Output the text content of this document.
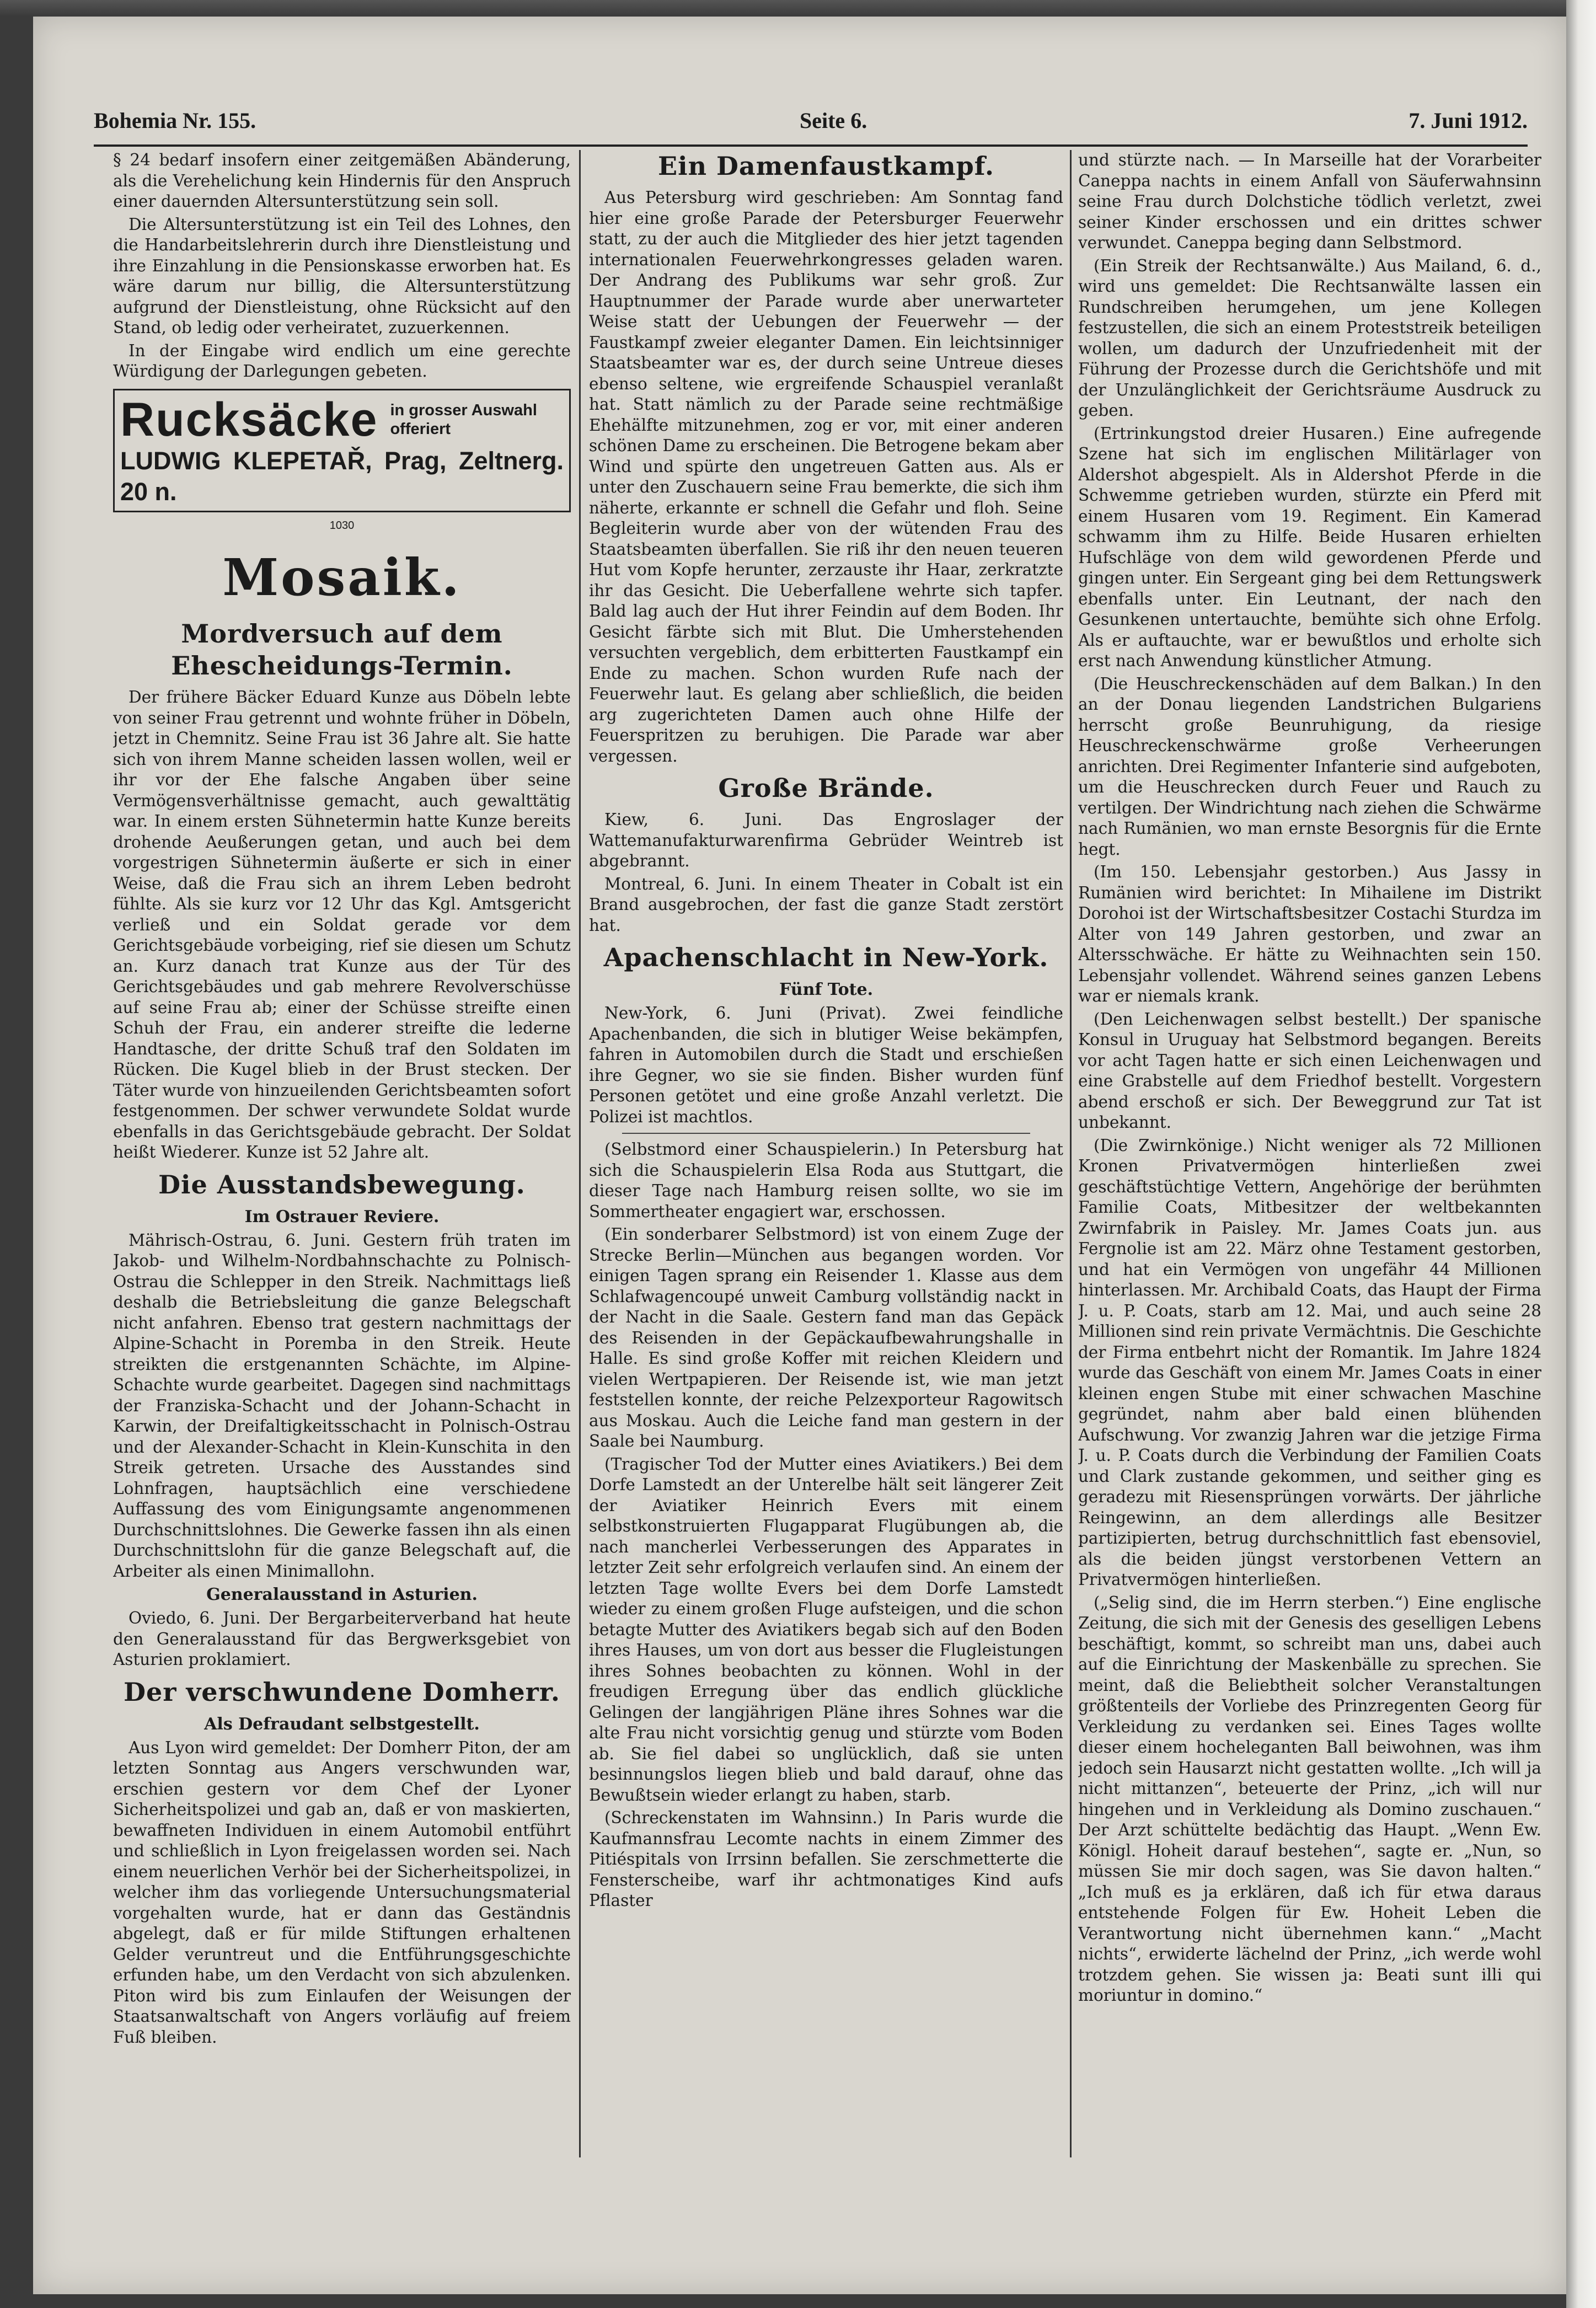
Bohemia Nr. 155.	Seite 6.	7. Juni 1912.

§ 24 bedarf insofern einer zeitgemäßen Abänderung, als die Verehelichung kein Hindernis für den Anspruch einer dauernden Altersunterstützung sein soll.

Die Altersunterstützung ist ein Teil des Lohnes, den die Handarbeitslehrerin durch ihre Dienstleistung und ihre Einzahlung in die Pensionskasse erworben hat. Es wäre darum nur billig, die Altersunterstützung aufgrund der Dienstleistung, ohne Rücksicht auf den Stand, ob ledig oder verheiratet, zuzuerkennen.

In der Eingabe wird endlich um eine gerechte Würdigung der Darlegungen gebeten.

Rucksäcke in grosser Auswahl offeriert
LUDWIG KLEPETAŘ, Prag, Zeltnerg. 20 n.
1030
Mosaik.
Mordversuch auf dem Ehescheidungs-Termin.

Der frühere Bäcker Eduard Kunze aus Döbeln lebte von seiner Frau getrennt und wohnte früher in Döbeln, jetzt in Chemnitz. Seine Frau ist 36 Jahre alt. Sie hatte sich von ihrem Manne scheiden lassen wollen, weil er ihr vor der Ehe falsche Angaben über seine Vermögensverhältnisse gemacht, auch gewalttätig war. In einem ersten Sühnetermin hatte Kunze bereits drohende Aeußerungen getan, und auch bei dem vorgestrigen Sühnetermin äußerte er sich in einer Weise, daß die Frau sich an ihrem Leben bedroht fühlte. Als sie kurz vor 12 Uhr das Kgl. Amtsgericht verließ und ein Soldat gerade vor dem Gerichtsgebäude vorbeiging, rief sie diesen um Schutz an. Kurz danach trat Kunze aus der Tür des Gerichtsgebäudes und gab mehrere Revolverschüsse auf seine Frau ab; einer der Schüsse streifte einen Schuh der Frau, ein anderer streifte die lederne Handtasche, der dritte Schuß traf den Soldaten im Rücken. Die Kugel blieb in der Brust stecken. Der Täter wurde von hinzueilenden Gerichtsbeamten sofort festgenommen. Der schwer verwundete Soldat wurde ebenfalls in das Gerichtsgebäude gebracht. Der Soldat heißt Wiederer. Kunze ist 52 Jahre alt.

Die Ausstandsbewegung.
Im Ostrauer Reviere.

Mährisch-Ostrau, 6. Juni. Gestern früh traten im Jakob- und Wilhelm-Nordbahnschachte zu Polnisch-Ostrau die Schlepper in den Streik. Nachmittags ließ deshalb die Betriebsleitung die ganze Belegschaft nicht anfahren. Ebenso trat gestern nachmittags der Alpine-Schacht in Poremba in den Streik. Heute streikten die erstgenannten Schächte, im Alpine-Schachte wurde gearbeitet. Dagegen sind nachmittags der Franziska-Schacht und der Johann-Schacht in Karwin, der Dreifaltigkeitsschacht in Polnisch-Ostrau und der Alexander-Schacht in Klein-Kunschita in den Streik getreten. Ursache des Ausstandes sind Lohnfragen, hauptsächlich eine verschiedene Auffassung des vom Einigungsamte angenommenen Durchschnittslohnes. Die Gewerke fassen ihn als einen Durchschnittslohn für die ganze Belegschaft auf, die Arbeiter als einen Minimallohn.

Generalausstand in Asturien.

Oviedo, 6. Juni. Der Bergarbeiterverband hat heute den Generalausstand für das Bergwerksgebiet von Asturien proklamiert.

Der verschwundene Domherr.
Als Defraudant selbstgestellt.

Aus Lyon wird gemeldet: Der Domherr Piton, der am letzten Sonntag aus Angers verschwunden war, erschien gestern vor dem Chef der Lyoner Sicherheitspolizei und gab an, daß er von maskierten, bewaffneten Individuen in einem Automobil entführt und schließlich in Lyon freigelassen worden sei. Nach einem neuerlichen Verhör bei der Sicherheitspolizei, in welcher ihm das vorliegende Untersuchungsmaterial vorgehalten wurde, hat er dann das Geständnis abgelegt, daß er für milde Stiftungen erhaltenen Gelder veruntreut und die Entführungsgeschichte erfunden habe, um den Verdacht von sich abzulenken. Piton wird bis zum Einlaufen der Weisungen der Staatsanwaltschaft von Angers vorläufig auf freiem Fuß bleiben.

Ein Damenfaustkampf.

Aus Petersburg wird geschrieben: Am Sonntag fand hier eine große Parade der Petersburger Feuerwehr statt, zu der auch die Mitglieder des hier jetzt tagenden internationalen Feuerwehrkongresses geladen waren. Der Andrang des Publikums war sehr groß. Zur Hauptnummer der Parade wurde aber unerwarteter Weise statt der Uebungen der Feuerwehr — der Faustkampf zweier eleganter Damen. Ein leichtsinniger Staatsbeamter war es, der durch seine Untreue dieses ebenso seltene, wie ergreifende Schauspiel veranlaßt hat. Statt nämlich zu der Parade seine rechtmäßige Ehehälfte mitzunehmen, zog er vor, mit einer anderen schönen Dame zu erscheinen. Die Betrogene bekam aber Wind und spürte den ungetreuen Gatten aus. Als er unter den Zuschauern seine Frau bemerkte, die sich ihm näherte, erkannte er schnell die Gefahr und floh. Seine Begleiterin wurde aber von der wütenden Frau des Staatsbeamten überfallen. Sie riß ihr den neuen teueren Hut vom Kopfe herunter, zerzauste ihr Haar, zerkratzte ihr das Gesicht. Die Ueberfallene wehrte sich tapfer. Bald lag auch der Hut ihrer Feindin auf dem Boden. Ihr Gesicht färbte sich mit Blut. Die Umherstehenden versuchten vergeblich, dem erbitterten Faustkampf ein Ende zu machen. Schon wurden Rufe nach der Feuerwehr laut. Es gelang aber schließlich, die beiden arg zugerichteten Damen auch ohne Hilfe der Feuerspritzen zu beruhigen. Die Parade war aber vergessen.

Große Brände.

Kiew, 6. Juni. Das Engroslager der Wattemanufakturwarenfirma Gebrüder Weintreb ist abgebrannt.

Montreal, 6. Juni. In einem Theater in Cobalt ist ein Brand ausgebrochen, der fast die ganze Stadt zerstört hat.

Apachenschlacht in New-York.
Fünf Tote.

New-York, 6. Juni (Privat). Zwei feindliche Apachenbanden, die sich in blutiger Weise bekämpfen, fahren in Automobilen durch die Stadt und erschießen ihre Gegner, wo sie sie finden. Bisher wurden fünf Personen getötet und eine große Anzahl verletzt. Die Polizei ist machtlos.

(Selbstmord einer Schauspielerin.) In Petersburg hat sich die Schauspielerin Elsa Roda aus Stuttgart, die dieser Tage nach Hamburg reisen sollte, wo sie im Sommertheater engagiert war, erschossen.

(Ein sonderbarer Selbstmord) ist von einem Zuge der Strecke Berlin—München aus begangen worden. Vor einigen Tagen sprang ein Reisender 1. Klasse aus dem Schlafwagencoupé unweit Camburg vollständig nackt in der Nacht in die Saale. Gestern fand man das Gepäck des Reisenden in der Gepäckaufbewahrungshalle in Halle. Es sind große Koffer mit reichen Kleidern und vielen Wertpapieren. Der Reisende ist, wie man jetzt feststellen konnte, der reiche Pelzexporteur Ragowitsch aus Moskau. Auch die Leiche fand man gestern in der Saale bei Naumburg.

(Tragischer Tod der Mutter eines Aviatikers.) Bei dem Dorfe Lamstedt an der Unterelbe hält seit längerer Zeit der Aviatiker Heinrich Evers mit einem selbstkonstruierten Flugapparat Flugübungen ab, die nach mancherlei Verbesserungen des Apparates in letzter Zeit sehr erfolgreich verlaufen sind. An einem der letzten Tage wollte Evers bei dem Dorfe Lamstedt wieder zu einem großen Fluge aufsteigen, und die schon betagte Mutter des Aviatikers begab sich auf den Boden ihres Hauses, um von dort aus besser die Flugleistungen ihres Sohnes beobachten zu können. Wohl in der freudigen Erregung über das endlich glückliche Gelingen der langjährigen Pläne ihres Sohnes war die alte Frau nicht vorsichtig genug und stürzte vom Boden ab. Sie fiel dabei so unglücklich, daß sie unten besinnungslos liegen blieb und bald darauf, ohne das Bewußtsein wieder erlangt zu haben, starb.

(Schreckenstaten im Wahnsinn.) In Paris wurde die Kaufmannsfrau Lecomte nachts in einem Zimmer des Pitiéspitals von Irrsinn befallen. Sie zerschmetterte die Fensterscheibe, warf ihr achtmonatiges Kind aufs Pflaster

und stürzte nach. — In Marseille hat der Vorarbeiter Caneppa nachts in einem Anfall von Säuferwahnsinn seine Frau durch Dolchstiche tödlich verletzt, zwei seiner Kinder erschossen und ein drittes schwer verwundet. Caneppa beging dann Selbstmord.

(Ein Streik der Rechtsanwälte.) Aus Mailand, 6. d., wird uns gemeldet: Die Rechtsanwälte lassen ein Rundschreiben herumgehen, um jene Kollegen festzustellen, die sich an einem Proteststreik beteiligen wollen, um dadurch der Unzufriedenheit mit der Führung der Prozesse durch die Gerichtshöfe und mit der Unzulänglichkeit der Gerichtsräume Ausdruck zu geben.

(Ertrinkungstod dreier Husaren.) Eine aufregende Szene hat sich im englischen Militärlager von Aldershot abgespielt. Als in Aldershot Pferde in die Schwemme getrieben wurden, stürzte ein Pferd mit einem Husaren vom 19. Regiment. Ein Kamerad schwamm ihm zu Hilfe. Beide Husaren erhielten Hufschläge von dem wild gewordenen Pferde und gingen unter. Ein Sergeant ging bei dem Rettungswerk ebenfalls unter. Ein Leutnant, der nach den Gesunkenen untertauchte, bemühte sich ohne Erfolg. Als er auftauchte, war er bewußtlos und erholte sich erst nach Anwendung künstlicher Atmung.

(Die Heuschreckenschäden auf dem Balkan.) In den an der Donau liegenden Landstrichen Bulgariens herrscht große Beunruhigung, da riesige Heuschreckenschwärme große Verheerungen anrichten. Drei Regimenter Infanterie sind aufgeboten, um die Heuschrecken durch Feuer und Rauch zu vertilgen. Der Windrichtung nach ziehen die Schwärme nach Rumänien, wo man ernste Besorgnis für die Ernte hegt.

(Im 150. Lebensjahr gestorben.) Aus Jassy in Rumänien wird berichtet: In Mihailene im Distrikt Dorohoi ist der Wirtschaftsbesitzer Costachi Sturdza im Alter von 149 Jahren gestorben, und zwar an Altersschwäche. Er hätte zu Weihnachten sein 150. Lebensjahr vollendet. Während seines ganzen Lebens war er niemals krank.

(Den Leichenwagen selbst bestellt.) Der spanische Konsul in Uruguay hat Selbstmord begangen. Bereits vor acht Tagen hatte er sich einen Leichenwagen und eine Grabstelle auf dem Friedhof bestellt. Vorgestern abend erschoß er sich. Der Beweggrund zur Tat ist unbekannt.

(Die Zwirnkönige.) Nicht weniger als 72 Millionen Kronen Privatvermögen hinterließen zwei geschäftstüchtige Vettern, Angehörige der berühmten Familie Coats, Mitbesitzer der weltbekannten Zwirnfabrik in Paisley. Mr. James Coats jun. aus Fergnolie ist am 22. März ohne Testament gestorben, und hat ein Vermögen von ungefähr 44 Millionen hinterlassen. Mr. Archibald Coats, das Haupt der Firma J. u. P. Coats, starb am 12. Mai, und auch seine 28 Millionen sind rein private Vermächtnis. Die Geschichte der Firma entbehrt nicht der Romantik. Im Jahre 1824 wurde das Geschäft von einem Mr. James Coats in einer kleinen engen Stube mit einer schwachen Maschine gegründet, nahm aber bald einen blühenden Aufschwung. Vor zwanzig Jahren war die jetzige Firma J. u. P. Coats durch die Verbindung der Familien Coats und Clark zustande gekommen, und seither ging es geradezu mit Riesensprüngen vorwärts. Der jährliche Reingewinn, an dem allerdings alle Besitzer partizipierten, betrug durchschnittlich fast ebensoviel, als die beiden jüngst verstorbenen Vettern an Privatvermögen hinterließen.

(„Selig sind, die im Herrn sterben.“) Eine englische Zeitung, die sich mit der Genesis des geselligen Lebens beschäftigt, kommt, so schreibt man uns, dabei auch auf die Einrichtung der Maskenbälle zu sprechen. Sie meint, daß die Beliebtheit solcher Veranstaltungen größtenteils der Vorliebe des Prinzregenten Georg für Verkleidung zu verdanken sei. Eines Tages wollte dieser einem hocheleganten Ball beiwohnen, was ihm jedoch sein Hausarzt nicht gestatten wollte. „Ich will ja nicht mittanzen“, beteuerte der Prinz, „ich will nur hingehen und in Verkleidung als Domino zuschauen.“ Der Arzt schüttelte bedächtig das Haupt. „Wenn Ew. Königl. Hoheit darauf bestehen“, sagte er. „Nun, so müssen Sie mir doch sagen, was Sie davon halten.“ „Ich muß es ja erklären, daß ich für etwa daraus entstehende Folgen für Ew. Hoheit Leben die Verantwortung nicht übernehmen kann.“ „Macht nichts“, erwiderte lächelnd der Prinz, „ich werde wohl trotzdem gehen. Sie wissen ja: Beati sunt illi qui moriuntur in domino.“
